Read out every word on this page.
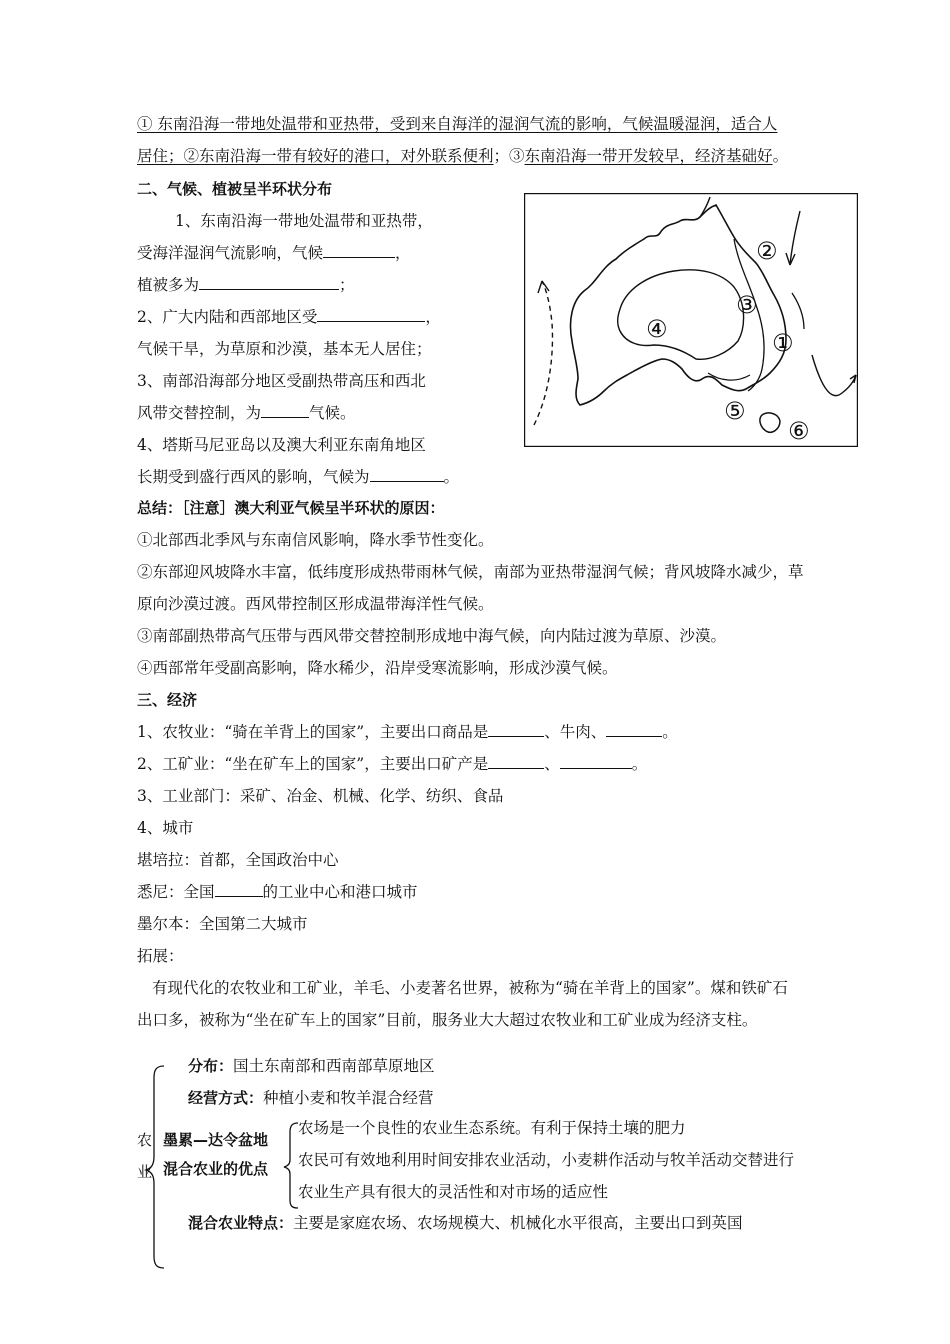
① 东南沿海一带地处温带和亚热带，受到来自海洋的湿润气流的影响，气候温暖湿润，适合人
居住；②东南沿海一带有较好的港口，对外联系便利；③东南沿海一带开发较早，经济基础好。
二、气候、植被呈半环状分布
1、东南沿海一带地处温带和亚热带，
受海洋湿润气流影响，气候	，
植被多为	；
2、广大内陆和西部地区受	，
气候干旱，为草原和沙漠，基本无人居住；
3、南部沿海部分地区受副热带高压和西北
风带交替控制，为	气候。
4、塔斯马尼亚岛以及澳大利亚东南角地区
长期受到盛行西风的影响，气候为	。
②
③
④	①
⑤
⑥
总结：［注意］澳大利亚气候呈半环状的原因：
①北部西北季风与东南信风影响，降水季节性变化。
②东部迎风坡降水丰富，低纬度形成热带雨林气候，南部为亚热带湿润气候；背风坡降水减少，草
原向沙漠过渡。西风带控制区形成温带海洋性气候。
③南部副热带高气压带与西风带交替控制形成地中海气候，向内陆过渡为草原、沙漠。
④西部常年受副高影响，降水稀少，沿岸受寒流影响，形成沙漠气候。
三、经济
1、农牧业：“骑在羊背上的国家”，主要出口商品是	、牛肉、	。
2、工矿业：“坐在矿车上的国家”，主要出口矿产是	、	。
3、工业部门：采矿、冶金、机械、化学、纺织、食品
4、城市
堪培拉：首都，全国政治中心
悉尼：全国	的工业中心和港口城市
墨尔本：全国第二大城市
拓展：
有现代化的农牧业和工矿业，羊毛、小麦著名世界，被称为“骑在羊背上的国家”。煤和铁矿石
出口多，被称为“坐在矿车上的国家”目前，服务业大大超过农牧业和工矿业成为经济支柱。
农
业
分布：国土东南部和西南部草原地区
经营方式：种植小麦和牧羊混合经营
墨累—达令盆地
混合农业的优点
农场是一个良性的农业生态系统。有利于保持土壤的肥力
农民可有效地利用时间安排农业活动，小麦耕作活动与牧羊活动交替进行
农业生产具有很大的灵活性和对市场的适应性
混合农业特点：主要是家庭农场、农场规模大、机械化水平很高，主要出口到英国
